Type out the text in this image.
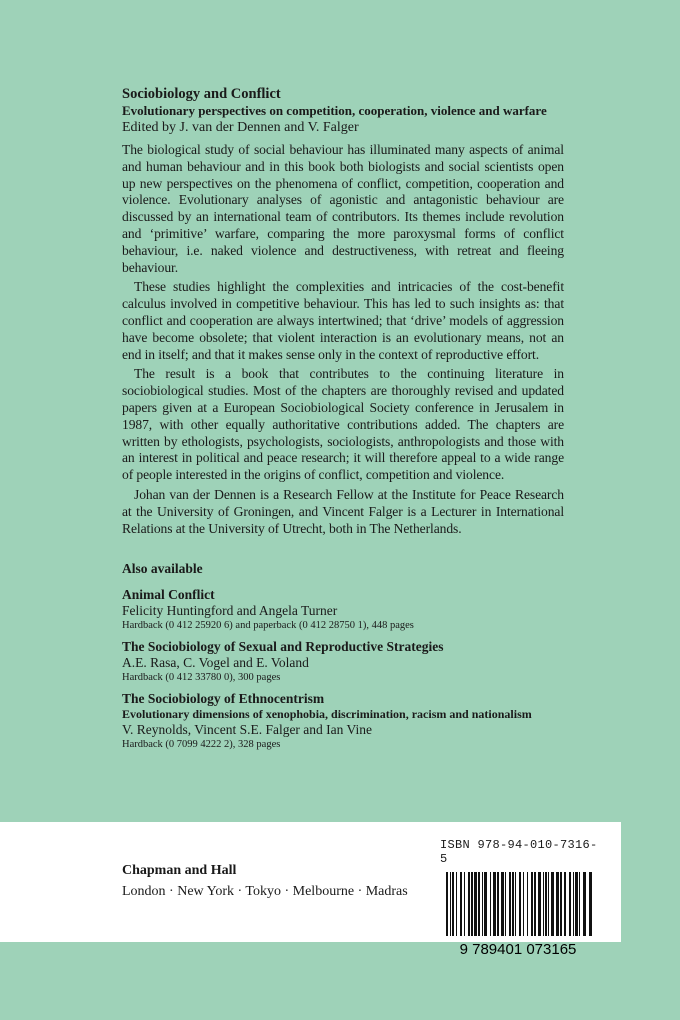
Sociobiology and Conflict

Evolutionary perspectives on competition, cooperation, violence and warfare

Edited by J. van der Dennen and V. Falger

The biological study of social behaviour has illuminated many aspects of animal and human behaviour and in this book both biologists and social scientists open up new perspectives on the phenomena of conflict, competition, cooperation and violence. Evolutionary analyses of agonistic and antagonistic behaviour are discussed by an international team of contributors. Its themes include revolution and ‘primitive’ warfare, comparing the more paroxysmal forms of conflict behaviour, i.e. naked violence and destructiveness, with retreat and fleeing behaviour.

These studies highlight the complexities and intricacies of the cost-benefit calculus involved in competitive behaviour. This has led to such insights as: that conflict and cooperation are always intertwined; that ‘drive’ models of aggression have become obsolete; that violent interaction is an evolutionary means, not an end in itself; and that it makes sense only in the context of reproductive effort.

The result is a book that contributes to the continuing literature in sociobiological studies. Most of the chapters are thoroughly revised and updated papers given at a European Sociobiological Society conference in Jerusalem in 1987, with other equally authoritative contributions added. The chapters are written by ethologists, psychologists, sociologists, anthropologists and those with an interest in political and peace research; it will therefore appeal to a wide range of people interested in the origins of conflict, competition and violence.

Johan van der Dennen is a Research Fellow at the Institute for Peace Research at the University of Groningen, and Vincent Falger is a Lecturer in International Relations at the University of Utrecht, both in The Netherlands.

Also available
Animal Conflict
Felicity Huntingford and Angela Turner
Hardback (0 412 25920 6) and paperback (0 412 28750 1), 448 pages
The Sociobiology of Sexual and Reproductive Strategies
A.E. Rasa, C. Vogel and E. Voland
Hardback (0 412 33780 0), 300 pages
The Sociobiology of Ethnocentrism
Evolutionary dimensions of xenophobia, discrimination, racism and nationalism
V. Reynolds, Vincent S.E. Falger and Ian Vine
Hardback (0 7099 4222 2), 328 pages
Chapman and Hall
London · New York · Tokyo · Melbourne · Madras
ISBN 978-94-010-7316-5
9 789401 073165
